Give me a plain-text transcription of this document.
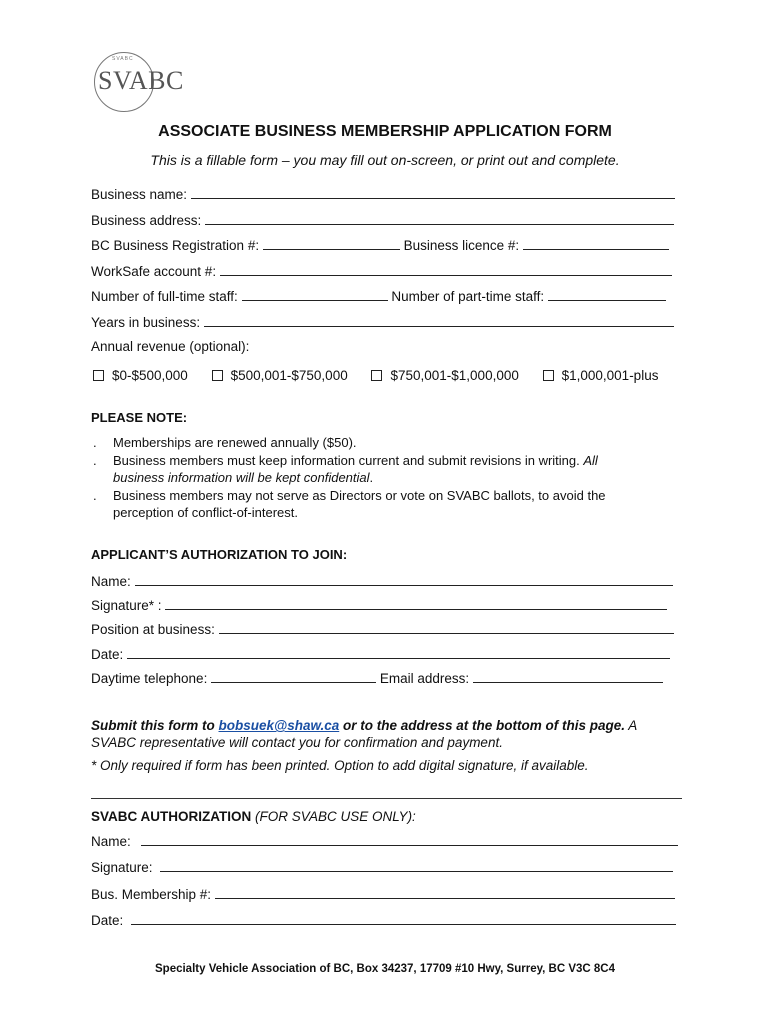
SVABC
SVABC
ASSOCIATE BUSINESS MEMBERSHIP APPLICATION FORM
This is a fillable form – you may fill out on-screen, or print out and complete.
Business name:
Business address:
BC Business Registration #:	Business licence #:
WorkSafe account #:
Number of full-time staff:	Number of part-time staff:
Years in business:
Annual revenue (optional):
$0-$500,000
	$500,001-$750,000
	$750,001-$1,000,000
	$1,000,001-plus
PLEASE NOTE:
. Memberships are renewed annually ($50).
. Business members must keep information current and submit revisions in writing. All business information will be kept confidential.
. Business members may not serve as Directors or vote on SVABC ballots, to avoid the perception of conflict-of-interest.
APPLICANT’S AUTHORIZATION TO JOIN:
Name:
Signature* :
Position at business:
Date:
Daytime telephone:	Email address:
Submit this form to bobsuek@shaw.ca or to the address at the bottom of this page. A SVABC representative will contact you for confirmation and payment.
* Only required if form has been printed. Option to add digital signature, if available.
SVABC AUTHORIZATION (FOR SVABC USE ONLY):
Name:
Signature:
Bus. Membership #:
Date:
Specialty Vehicle Association of BC, Box 34237, 17709 #10 Hwy, Surrey, BC V3C 8C4
